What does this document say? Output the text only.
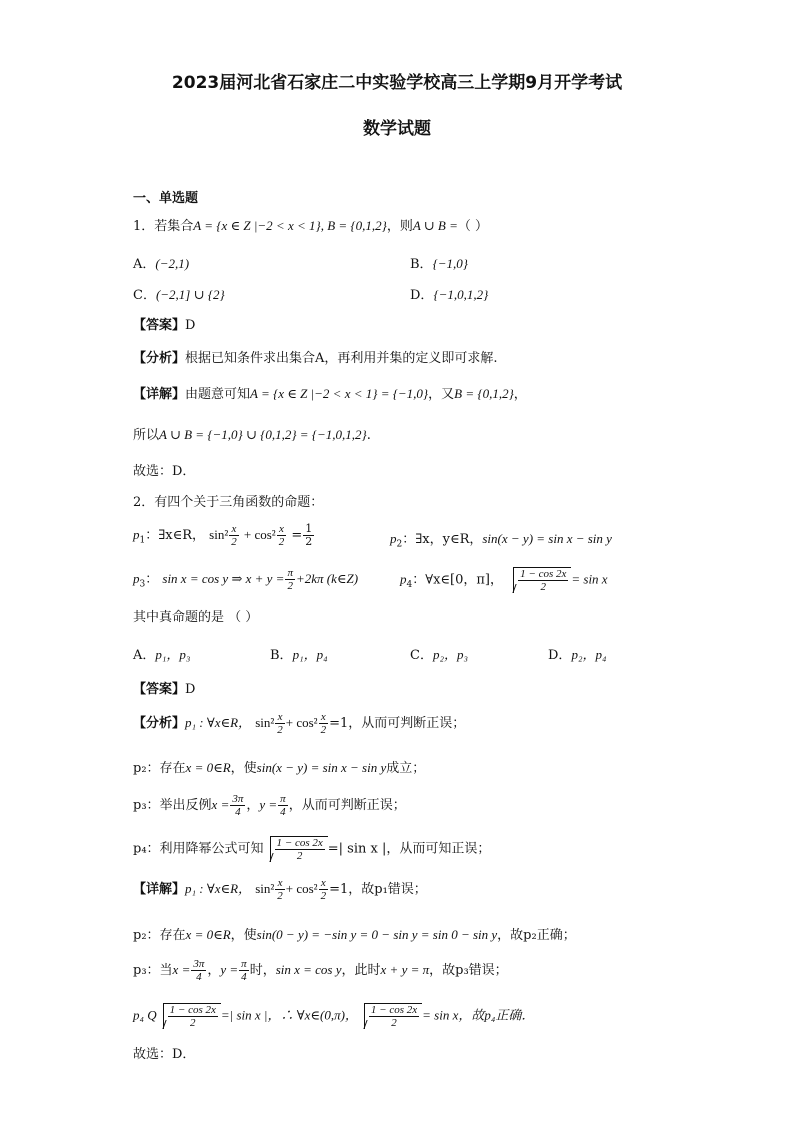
2023届河北省石家庄二中实验学校高三上学期9月开学考试
数学试题
一、单选题
1．若集合A = {x ∈ Z |−2 < x < 1}, B = {0,1,2}，则A ∪ B =（ ）
A．(−2,1)	B．{−1,0}
C．(−2,1] ∪ {2}	D．{−1,0,1,2}
【答案】D
【分析】根据已知条件求出集合A，再利用并集的定义即可求解.
【详解】由题意可知A = {x ∈ Z |−2 < x < 1} = {−1,0}，又B = {0,1,2}，
所以A ∪ B = {−1,0} ∪ {0,1,2} = {−1,0,1,2}.
故选：D．
2．有四个关于三角函数的命题：
$p_1$：∃x∈R， $\sin^2 \frac{x}{2} + \cos^2 \frac{x}{2} = \frac{1}{2}$	$p_2$：∃x，y∈R，sin(x − y) = sin x − sin y
$p_3$： sin x = cos y ⇒ $x + y = \frac{\pi}{2} +2k\pi$ (k∈Z)	$p_4$：∀x∈[0，π]， $\frac{1 - \cos 2x}{2} = \sin x$
其中真命题的是 （ ）
A．p₁，p₃	B．p₁，p₄	C．p₂，p₃	D．p₂，p₄
【答案】D
【分析】p₁ : ∀x∈R， $\sin^2 \frac{x}{2} + \cos^2 \frac{x}{2} =1$，从而可判断正误；
p₂：存在x = 0∈R，使sin(x − y) = sin x − sin y成立；
p₃：举出反例$x = \frac{3\pi}{4}$ ，$y = \frac{\pi}{4}$ ，从而可判断正误；
p₄：利用降幂公式可知 $\frac{1 - \cos 2x}{2}$ =| sin x |，从而可知正误；
【详解】p₁ : ∀x∈R， $\sin^2 \frac{x}{2} + \cos^2 \frac{x}{2} =1$，故p₁错误；
p₂：存在x = 0∈R，使sin(0 − y) = −sin y = 0 − sin y = sin 0 − sin y，故p₂正确；
p₃：当$x = \frac{3\pi}{4}$ ，$y = \frac{\pi}{4}$ 时，sin x = cos y，此时x + y = π，故p₃错误；
p₄ Q $\frac{1 - \cos 2x}{2}$ =| sin x |，∴ ∀x∈(0,π)， $\frac{1 - \cos 2x}{2} = \sin x$，故p₄正确．
故选：D．
